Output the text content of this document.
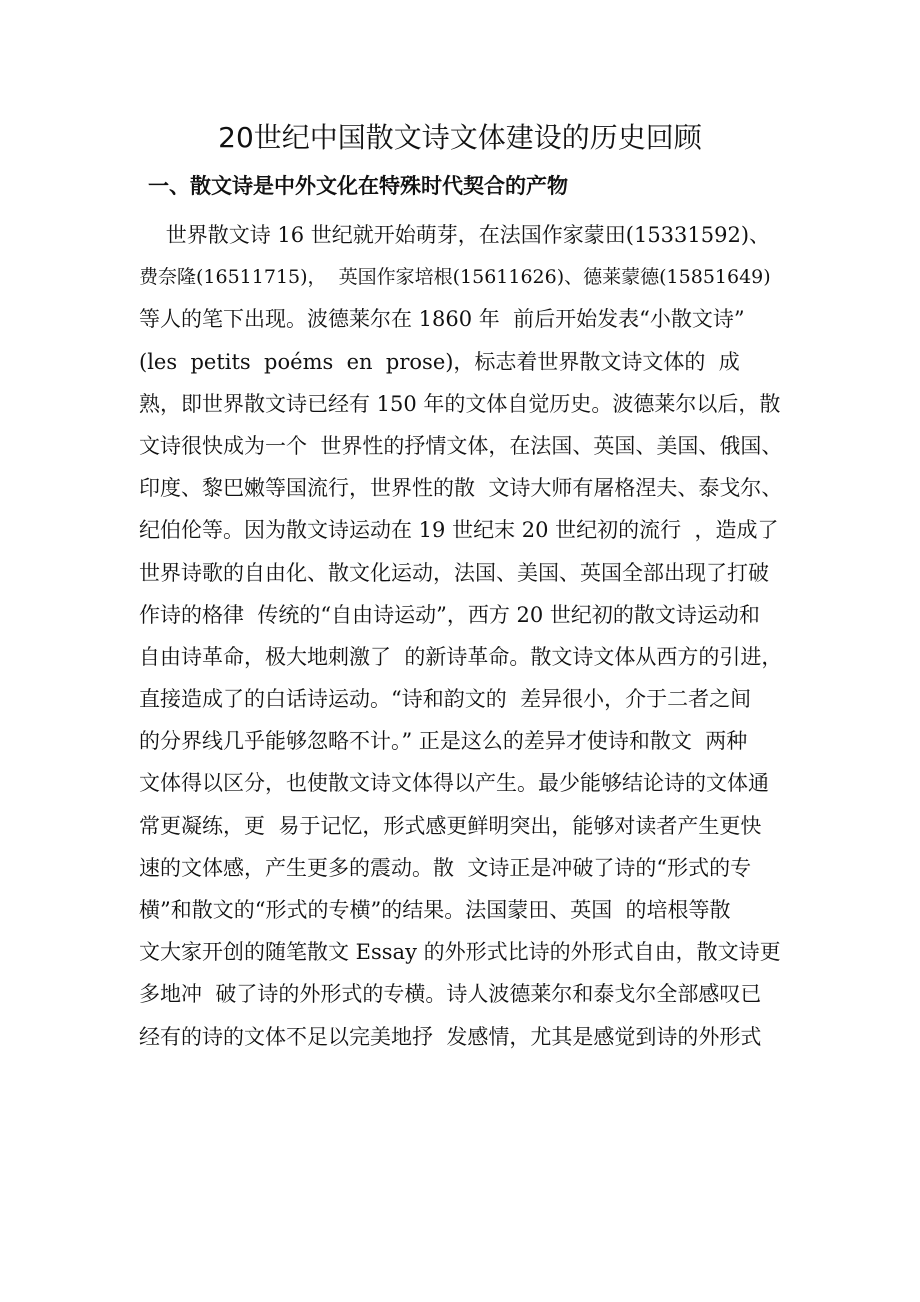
20世纪中国散文诗文体建设的历史回顾
一、散文诗是中外文化在特殊时代契合的产物
世界散文诗 16 世纪就开始萌芽，在法国作家蒙田(15331592)、
费奈隆(16511715)，  英国作家培根(15611626)、德莱蒙德(15851649)
等人的笔下出现。波德莱尔在 1860 年  前后开始发表“小散文诗”
(les  petits  poéms  en  prose)，标志着世界散文诗文体的  成
熟，即世界散文诗已经有 150 年的文体自觉历史。波德莱尔以后，散
文诗很快成为一个  世界性的抒情文体，在法国、英国、美国、俄国、
印度、黎巴嫩等国流行，世界性的散  文诗大师有屠格涅夫、泰戈尔、
纪伯伦等。因为散文诗运动在 19 世纪末 20 世纪初的流行  ，造成了
世界诗歌的自由化、散文化运动，法国、美国、英国全部出现了打破
作诗的格律  传统的“自由诗运动”，西方 20 世纪初的散文诗运动和
自由诗革命，极大地刺激了  的新诗革命。散文诗文体从西方的引进，
直接造成了的白话诗运动。“诗和韵文的  差异很小，介于二者之间
的分界线几乎能够忽略不计。” 正是这么的差异才使诗和散文  两种
文体得以区分，也使散文诗文体得以产生。最少能够结论诗的文体通
常更凝练，更  易于记忆，形式感更鲜明突出，能够对读者产生更快
速的文体感，产生更多的震动。散  文诗正是冲破了诗的“形式的专
横”和散文的“形式的专横”的结果。法国蒙田、英国  的培根等散
文大家开创的随笔散文 Essay 的外形式比诗的外形式自由，散文诗更
多地冲  破了诗的外形式的专横。诗人波德莱尔和泰戈尔全部感叹已
经有的诗的文体不足以完美地抒  发感情，尤其是感觉到诗的外形式
